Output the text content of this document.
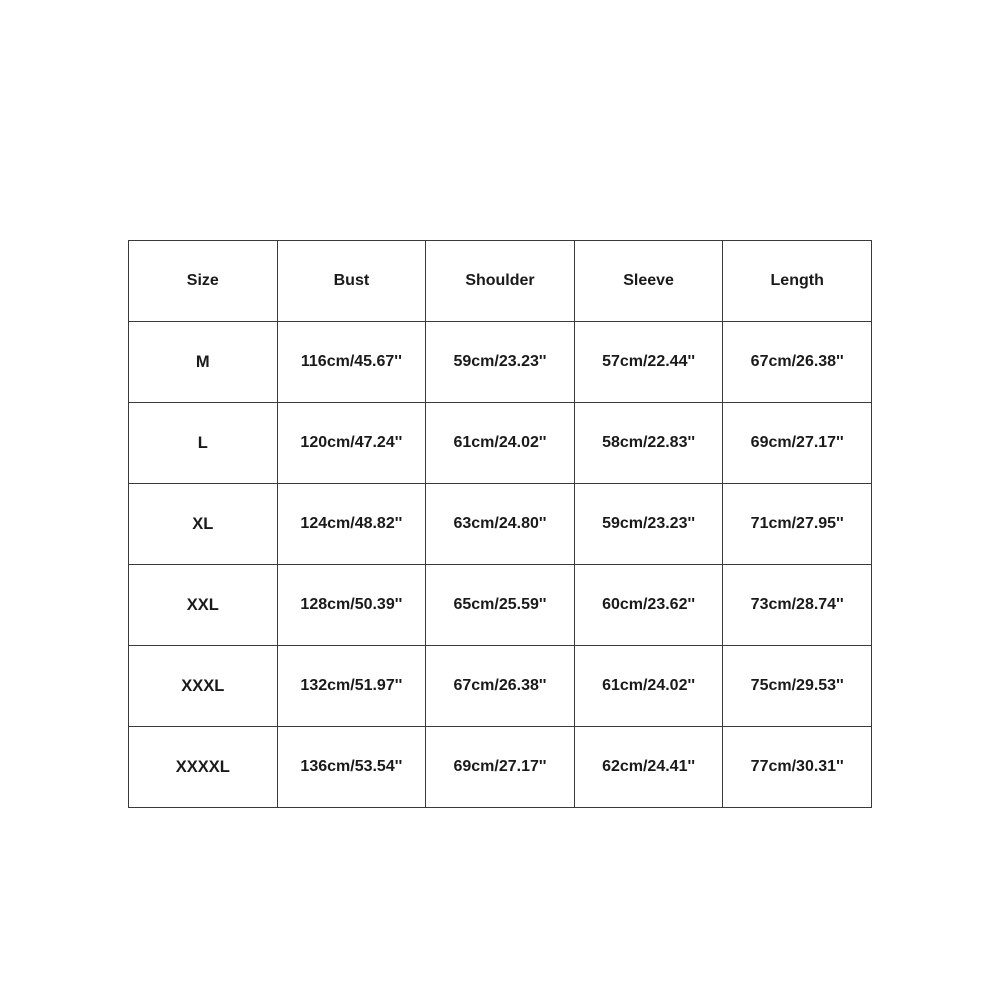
Size	Bust	Shoulder	Sleeve	Length
M	116cm/45.67''	59cm/23.23''	57cm/22.44''	67cm/26.38''
L	120cm/47.24''	61cm/24.02''	58cm/22.83''	69cm/27.17''
XL	124cm/48.82''	63cm/24.80''	59cm/23.23''	71cm/27.95''
XXL	128cm/50.39''	65cm/25.59''	60cm/23.62''	73cm/28.74''
XXXL	132cm/51.97''	67cm/26.38''	61cm/24.02''	75cm/29.53''
XXXXL	136cm/53.54''	69cm/27.17''	62cm/24.41''	77cm/30.31''
